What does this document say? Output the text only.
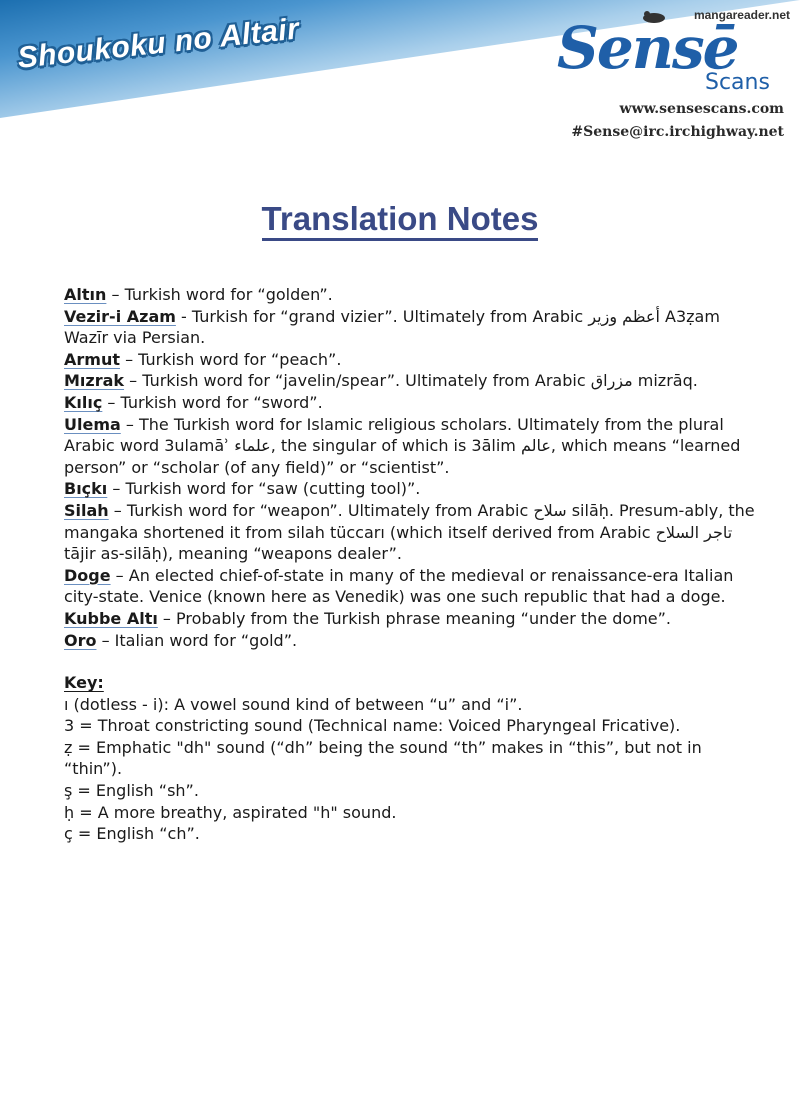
Shoukoku no Altair	mangareader.net
Sensē
Scans
www.sensescans.com
#Sense@irc.irchighway.net
Translation Notes

Altın – Turkish word for “golden”.

Vezir-i Azam - Turkish for “grand vizier”. Ultimately from Arabic أعظم وزير A3ẓam Wazīr via Persian.

Armut – Turkish word for “peach”.

Mızrak – Turkish word for “javelin/spear”. Ultimately from Arabic مزراق mizrāq.

Kılıç – Turkish word for “sword”.

Ulema – The Turkish word for Islamic religious scholars. Ultimately from the plural Arabic word 3ulamāʾ علماء, the singular of which is 3ālim عالم, which means “learned person” or “scholar (of any field)” or “scientist”.

Bıçkı – Turkish word for “saw (cutting tool)”.

Silah – Turkish word for “weapon”. Ultimately from Arabic سلاح silāḥ. Presum-ably, the mangaka shortened it from silah tüccarı (which itself derived from Arabic تاجر السلاح tājir as-silāḥ), meaning “weapons dealer”.

Doge – An elected chief-of-state in many of the medieval or renaissance-era Italian city-state. Venice (known here as Venedik) was one such republic that had a doge.

Kubbe Altı – Probably from the Turkish phrase meaning “under the dome”.

Oro – Italian word for “gold”.

Key:
ı (dotless - i): A vowel sound kind of between “u” and “i”.
3 = Throat constricting sound (Technical name: Voiced Pharyngeal Fricative).
ẓ = Emphatic "dh" sound (“dh” being the sound “th” makes in “this”, but not in “thin”).
ş = English “sh”.
ḥ = A more breathy, aspirated "h" sound.
ç = English “ch”.
